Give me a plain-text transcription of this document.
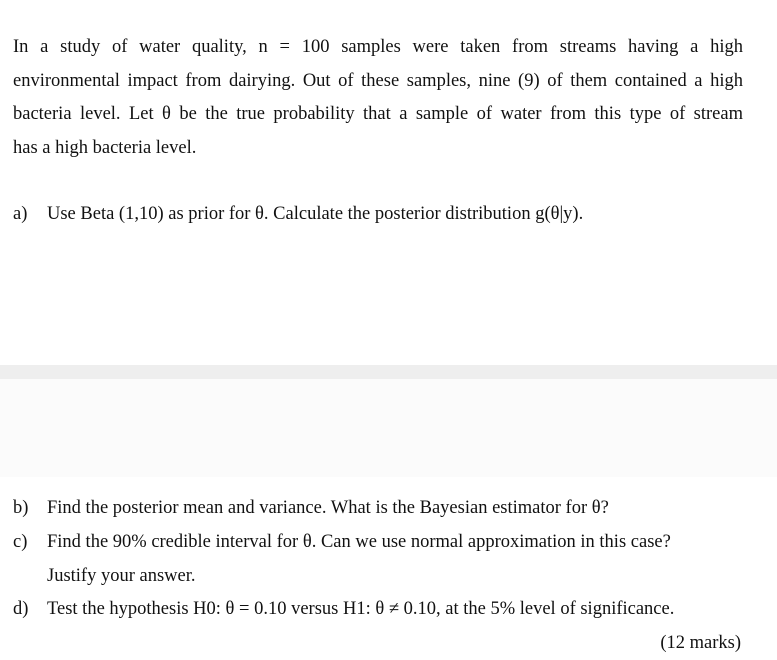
In a study of water quality, n = 100 samples were taken from streams having a high
environmental impact from dairying. Out of these samples, nine (9) of them contained a high
bacteria level. Let θ be the true probability that a sample of water from this type of stream
has a high bacteria level.
a) Use Beta (1,10) as prior for θ. Calculate the posterior distribution g(θ|y).
b) Find the posterior mean and variance. What is the Bayesian estimator for θ?
c) Find the 90% credible interval for θ. Can we use normal approximation in this case?
Justify your answer.
d) Test the hypothesis H0: θ = 0.10 versus H1: θ ≠ 0.10, at the 5% level of significance.
(12 marks)
